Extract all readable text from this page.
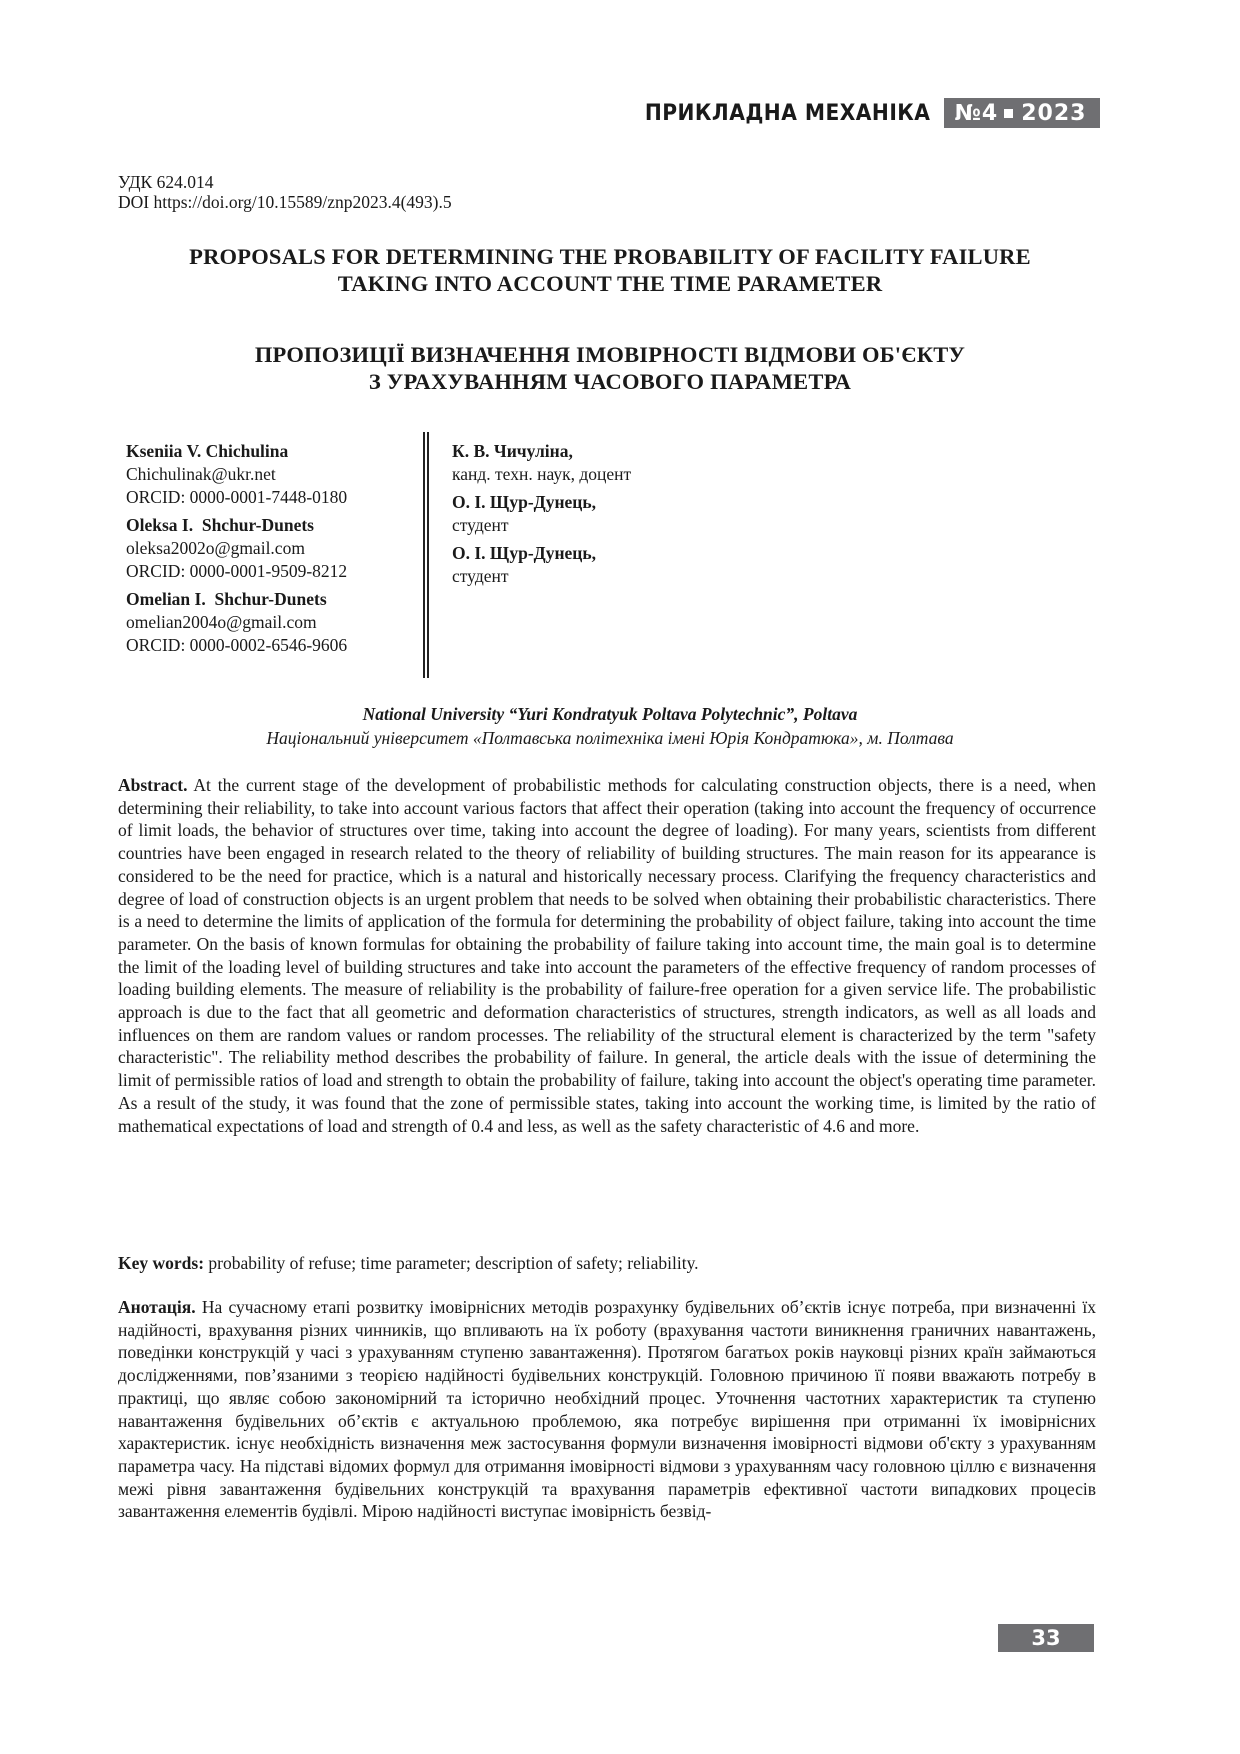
ПРИКЛАДНА МЕХАНІКА №4 2023
УДК 624.014
DOI https://doi.org/10.15589/znp2023.4(493).5
PROPOSALS FOR DETERMINING THE PROBABILITY OF FACILITY FAILURE
TAKING INTO ACCOUNT THE TIME PARAMETER
ПРОПОЗИЦІЇ ВИЗНАЧЕННЯ ІМОВІРНОСТІ ВІДМОВИ ОБ'ЄКТУ
З УРАХУВАННЯМ ЧАСОВОГО ПАРАМЕТРА
Kseniia V. Chichulina
Chichulinak@ukr.net
ORCID: 0000-0001-7448-0180
Oleksa I.  Shchur-Dunets
oleksa2002o@gmail.com
ORCID: 0000-0001-9509-8212
Omelian I.  Shchur-Dunets
omelian2004o@gmail.com
ORCID: 0000-0002-6546-9606
К. В. Чичуліна,
канд. техн. наук, доцент
О. І. Щур-Дунець,
студент
О. І. Щур-Дунець,
студент
National University “Yuri Kondratyuk Poltava Polytechnic”, Poltava
Національний університет «Полтавська політехніка імені Юрія Кондратюка», м. Полтава
Abstract. At the current stage of the development of probabilistic methods for calculating construction objects, there is a need, when determining their reliability, to take into account various factors that affect their operation (taking into account the frequency of occurrence of limit loads, the behavior of structures over time, taking into account the degree of loading). For many years, scientists from different countries have been engaged in research related to the theory of reliability of building structures. The main reason for its appearance is considered to be the need for practice, which is a natural and historically necessary process. Clarifying the frequency characteristics and degree of load of construction objects is an urgent problem that needs to be solved when obtaining their probabilistic characteristics. There is a need to determine the limits of application of the formula for determining the probability of object failure, taking into account the time parameter. On the basis of known formulas for obtaining the probability of failure taking into account time, the main goal is to determine the limit of the loading level of building structures and take into account the parameters of the effective frequency of random processes of loading building elements. The measure of reliability is the probability of failure-free operation for a given service life. The probabilistic approach is due to the fact that all geometric and deformation characteristics of structures, strength indicators, as well as all loads and influences on them are random values or random processes. The reliability of the structural element is characterized by the term "safety characteristic". The reliability method describes the probability of failure. In general, the article deals with the issue of determining the limit of permissible ratios of load and strength to obtain the probability of failure, taking into account the object's operating time parameter. As a result of the study, it was found that the zone of permissible states, taking into account the working time, is limited by the ratio of mathematical expectations of load and strength of 0.4 and less, as well as the safety characteristic of 4.6 and more.
Key words: probability of refuse; time parameter; description of safety; reliability.
Анотація. На сучасному етапі розвитку імовірнісних методів розрахунку будівельних об’єктів існує потреба, при визначенні їх надійності, врахування різних чинників, що впливають на їх роботу (врахування частоти виникнення граничних навантажень, поведінки конструкцій у часі з урахуванням ступеню завантаження). Протягом багатьох років науковці різних країн займаються дослідженнями, пов’язаними з теорією надійності будівельних конструкцій. Головною причиною її появи вважають потребу в практиці, що являє собою закономірний та історично необхідний процес. Уточнення частотних характеристик та ступеню навантаження будівельних об’єктів є актуальною проблемою, яка потребує вирішення при отриманні їх імовірнісних характеристик. існує необхідність визначення меж застосування формули визначення імовірності відмови об'єкту з урахуванням параметра часу. На підставі відомих формул для отримання імовірності відмови з урахуванням часу головною ціллю є визначення межі рівня завантаження будівельних конструкцій та врахування параметрів ефективної частоти випадкових процесів завантаження елементів будівлі. Мірою надійності виступає імовірність безвід-
33
